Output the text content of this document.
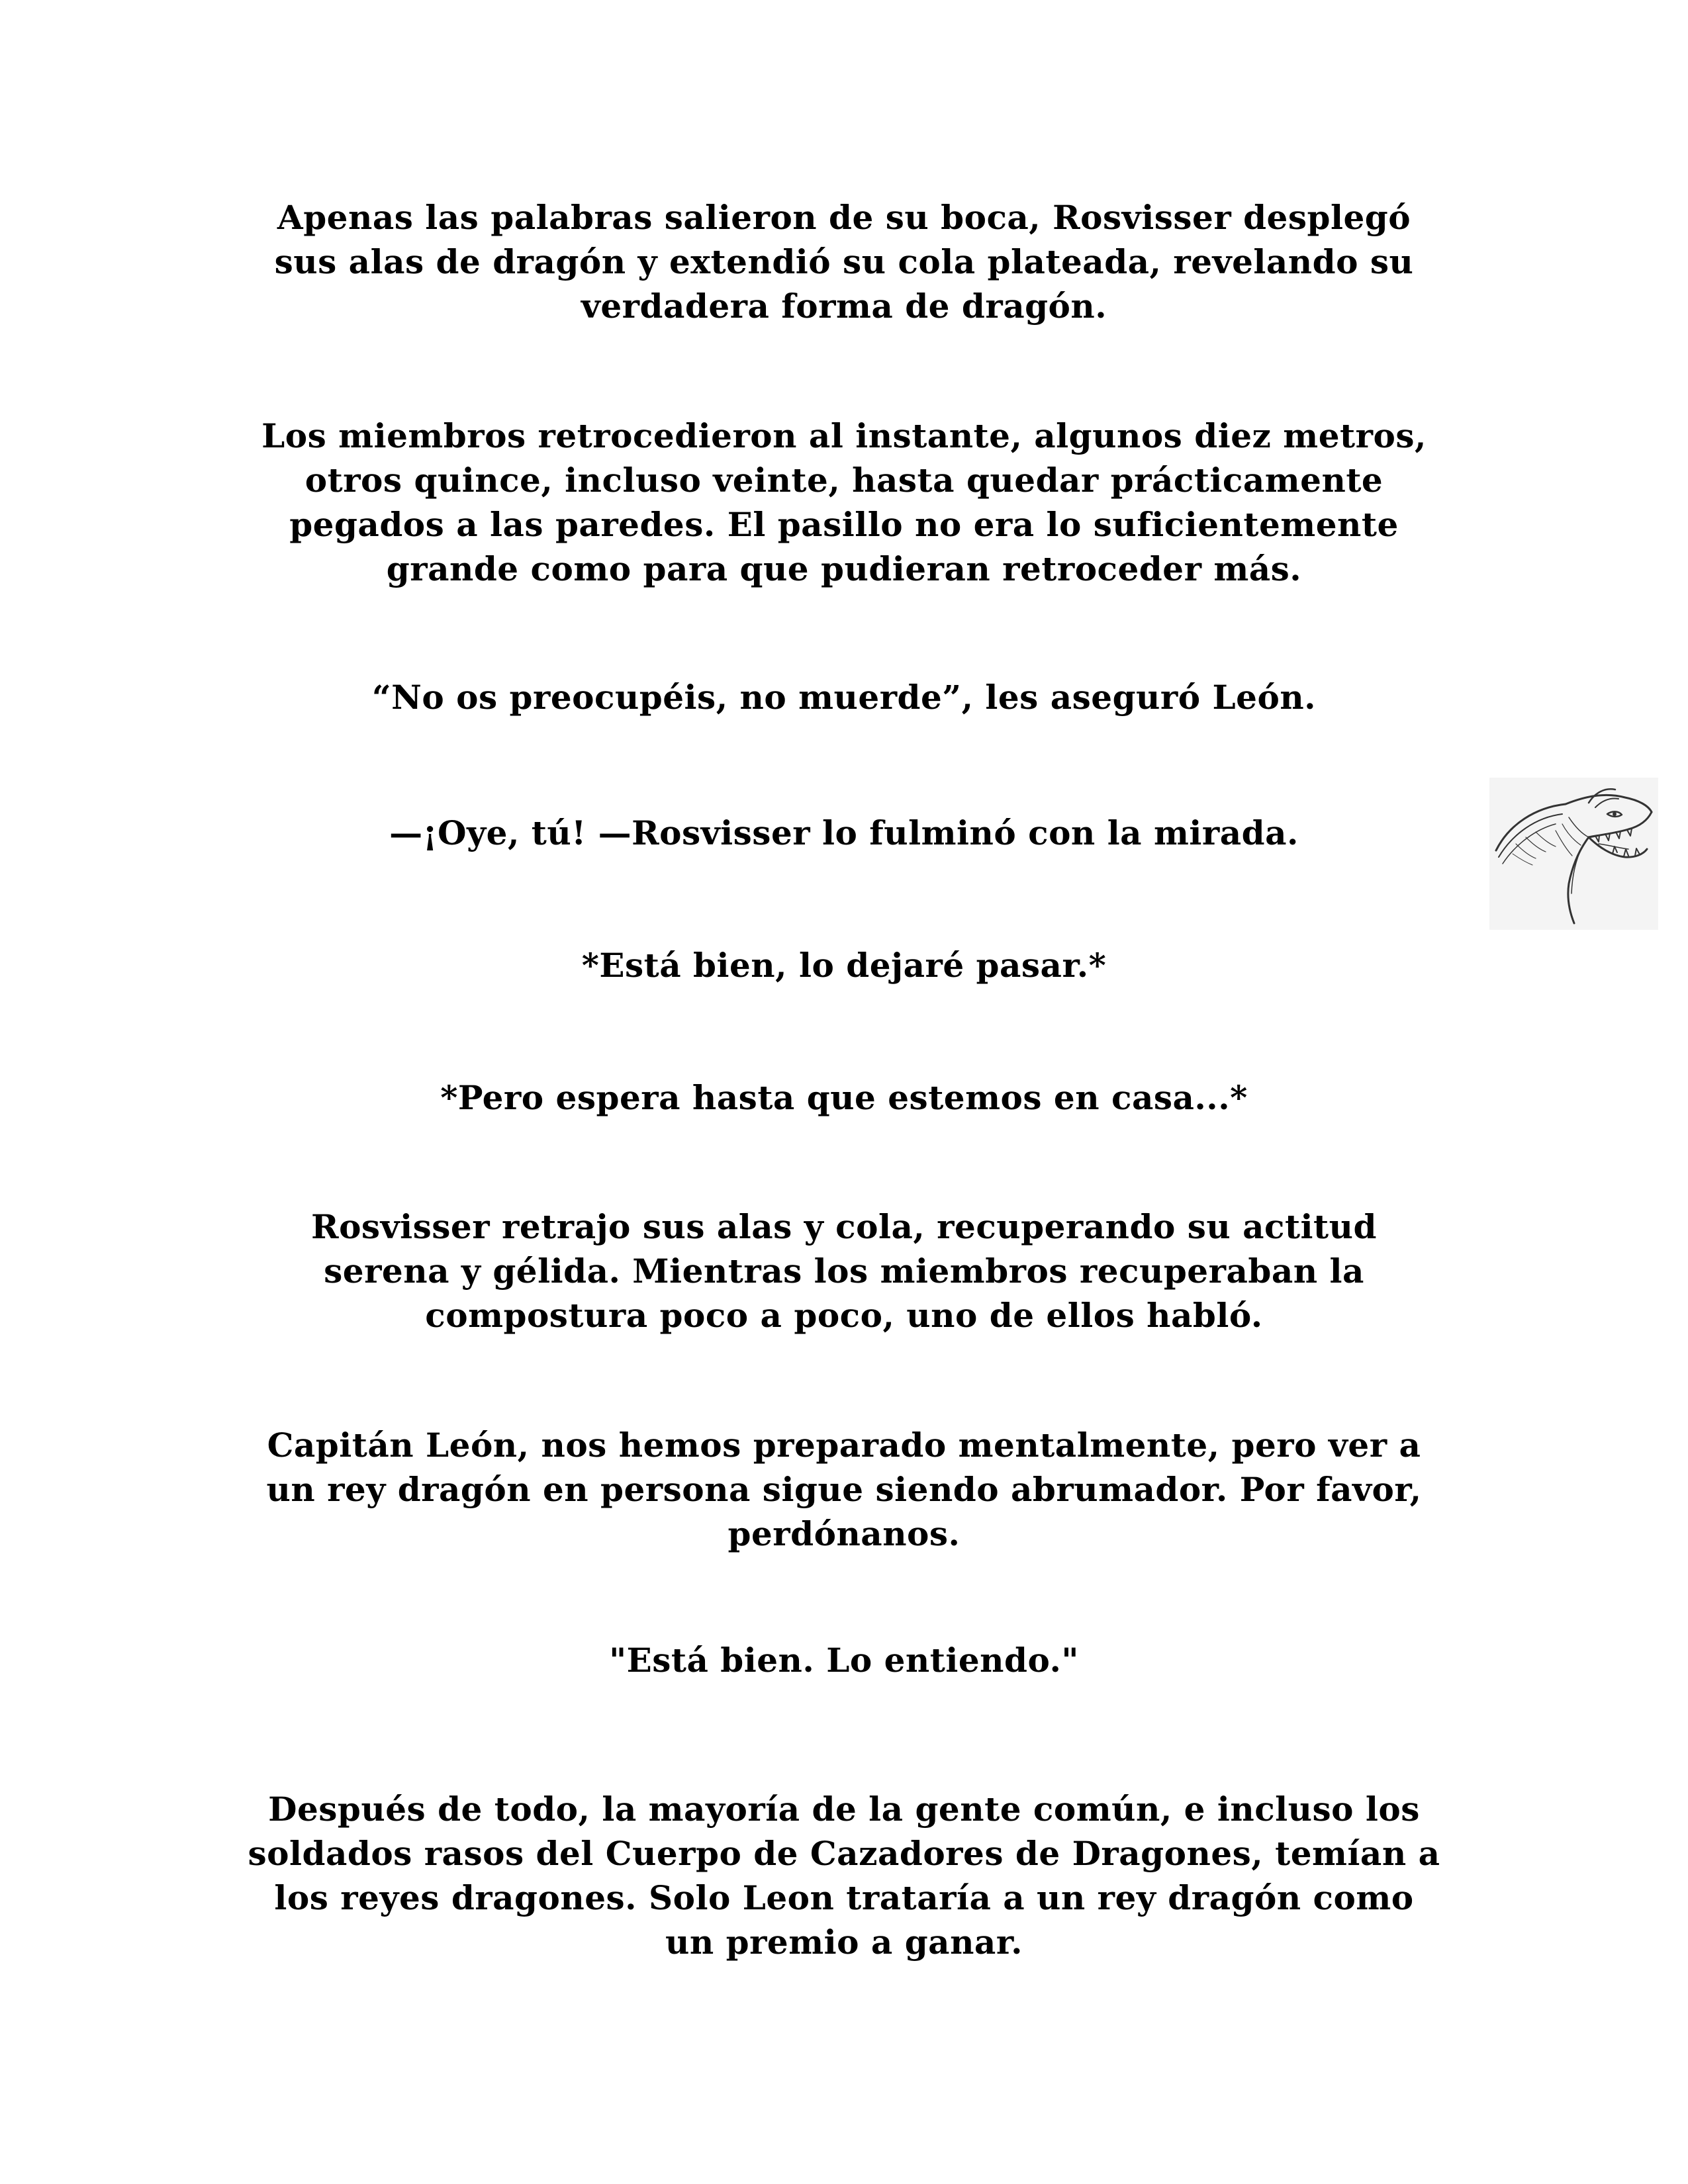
Apenas las palabras salieron de su boca, Rosvisser desplegó
sus alas de dragón y extendió su cola plateada, revelando su
verdadera forma de dragón.

Los miembros retrocedieron al instante, algunos diez metros,
otros quince, incluso veinte, hasta quedar prácticamente
pegados a las paredes. El pasillo no era lo suficientemente
grande como para que pudieran retroceder más.

“No os preocupéis, no muerde”, les aseguró León.

—¡Oye, tú! —Rosvisser lo fulminó con la mirada.

*Está bien, lo dejaré pasar.*

*Pero espera hasta que estemos en casa...*

Rosvisser retrajo sus alas y cola, recuperando su actitud
serena y gélida. Mientras los miembros recuperaban la
compostura poco a poco, uno de ellos habló.

Capitán León, nos hemos preparado mentalmente, pero ver a
un rey dragón en persona sigue siendo abrumador. Por favor,
perdónanos.

"Está bien. Lo entiendo."

Después de todo, la mayoría de la gente común, e incluso los
soldados rasos del Cuerpo de Cazadores de Dragones, temían a
los reyes dragones. Solo Leon trataría a un rey dragón como
un premio a ganar.
